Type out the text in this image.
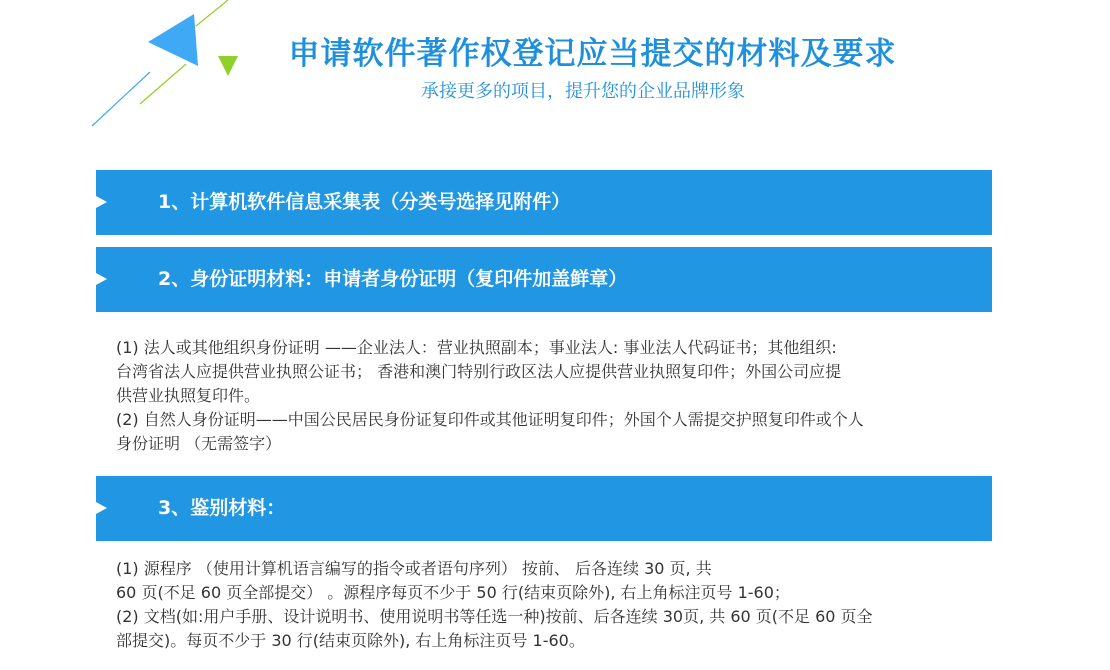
申请软件著作权登记应当提交的材料及要求
承接更多的项目，提升您的企业品牌形象
1、计算机软件信息采集表（分类号选择见附件）
2、身份证明材料：申请者身份证明（复印件加盖鲜章）
(1) 法人或其他组织身份证明 ——企业法人：营业执照副本；事业法人: 事业法人代码证书；其他组织:
台湾省法人应提供营业执照公证书； 香港和澳门特别行政区法人应提供营业执照复印件；外国公司应提
供营业执照复印件。
(2) 自然人身份证明——中国公民居民身份证复印件或其他证明复印件；外国个人需提交护照复印件或个人
身份证明 （无需签字）
3、鉴别材料：
(1) 源程序 （使用计算机语言编写的指令或者语句序列） 按前、 后各连续 30 页, 共
60 页(不足 60 页全部提交） 。源程序每页不少于 50 行(结束页除外), 右上角标注页号 1-60；
(2) 文档(如:用户手册、设计说明书、使用说明书等任选一种)按前、后各连续 30页, 共 60 页(不足 60 页全
部提交)。每页不少于 30 行(结束页除外), 右上角标注页号 1-60。
